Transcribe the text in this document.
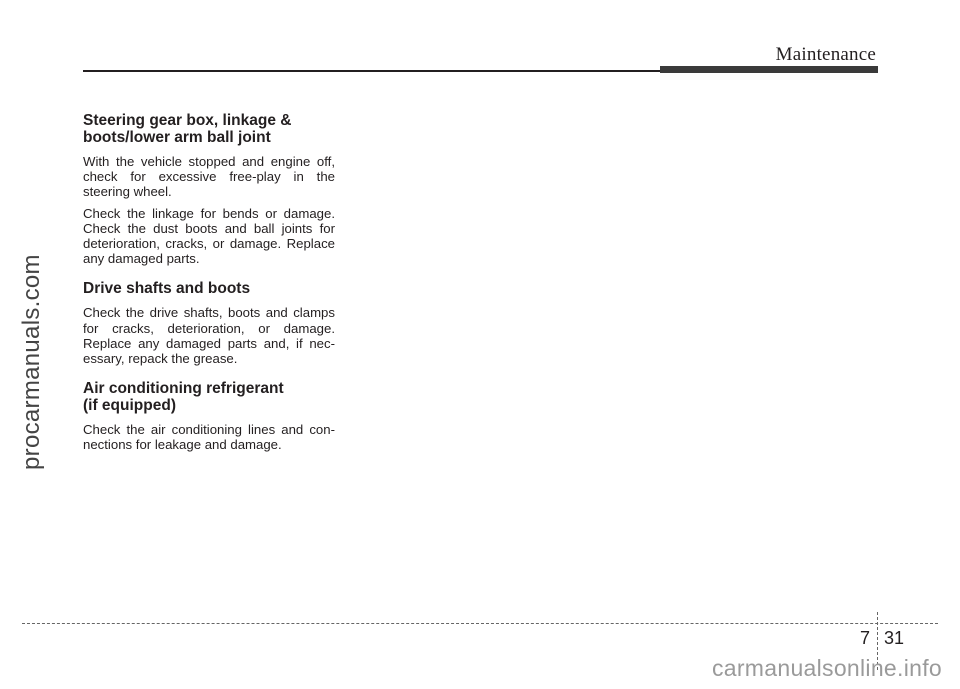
Maintenance
procarmanuals.com
Steering gear box, linkage &
boots/lower arm ball joint

With the vehicle stopped and engine off, check for excessive free-play in the steering wheel.

Check the linkage for bends or damage. Check the dust boots and ball joints for deterioration, cracks, or damage. Replace any damaged parts.

Drive shafts and boots

Check the drive shafts, boots and clamps for cracks, deterioration, or damage. Replace any damaged parts and, if nec-essary, repack the grease.

Air conditioning refrigerant
(if equipped)

Check the air conditioning lines and con-nections for leakage and damage.

7 31
carmanualsonline.info
